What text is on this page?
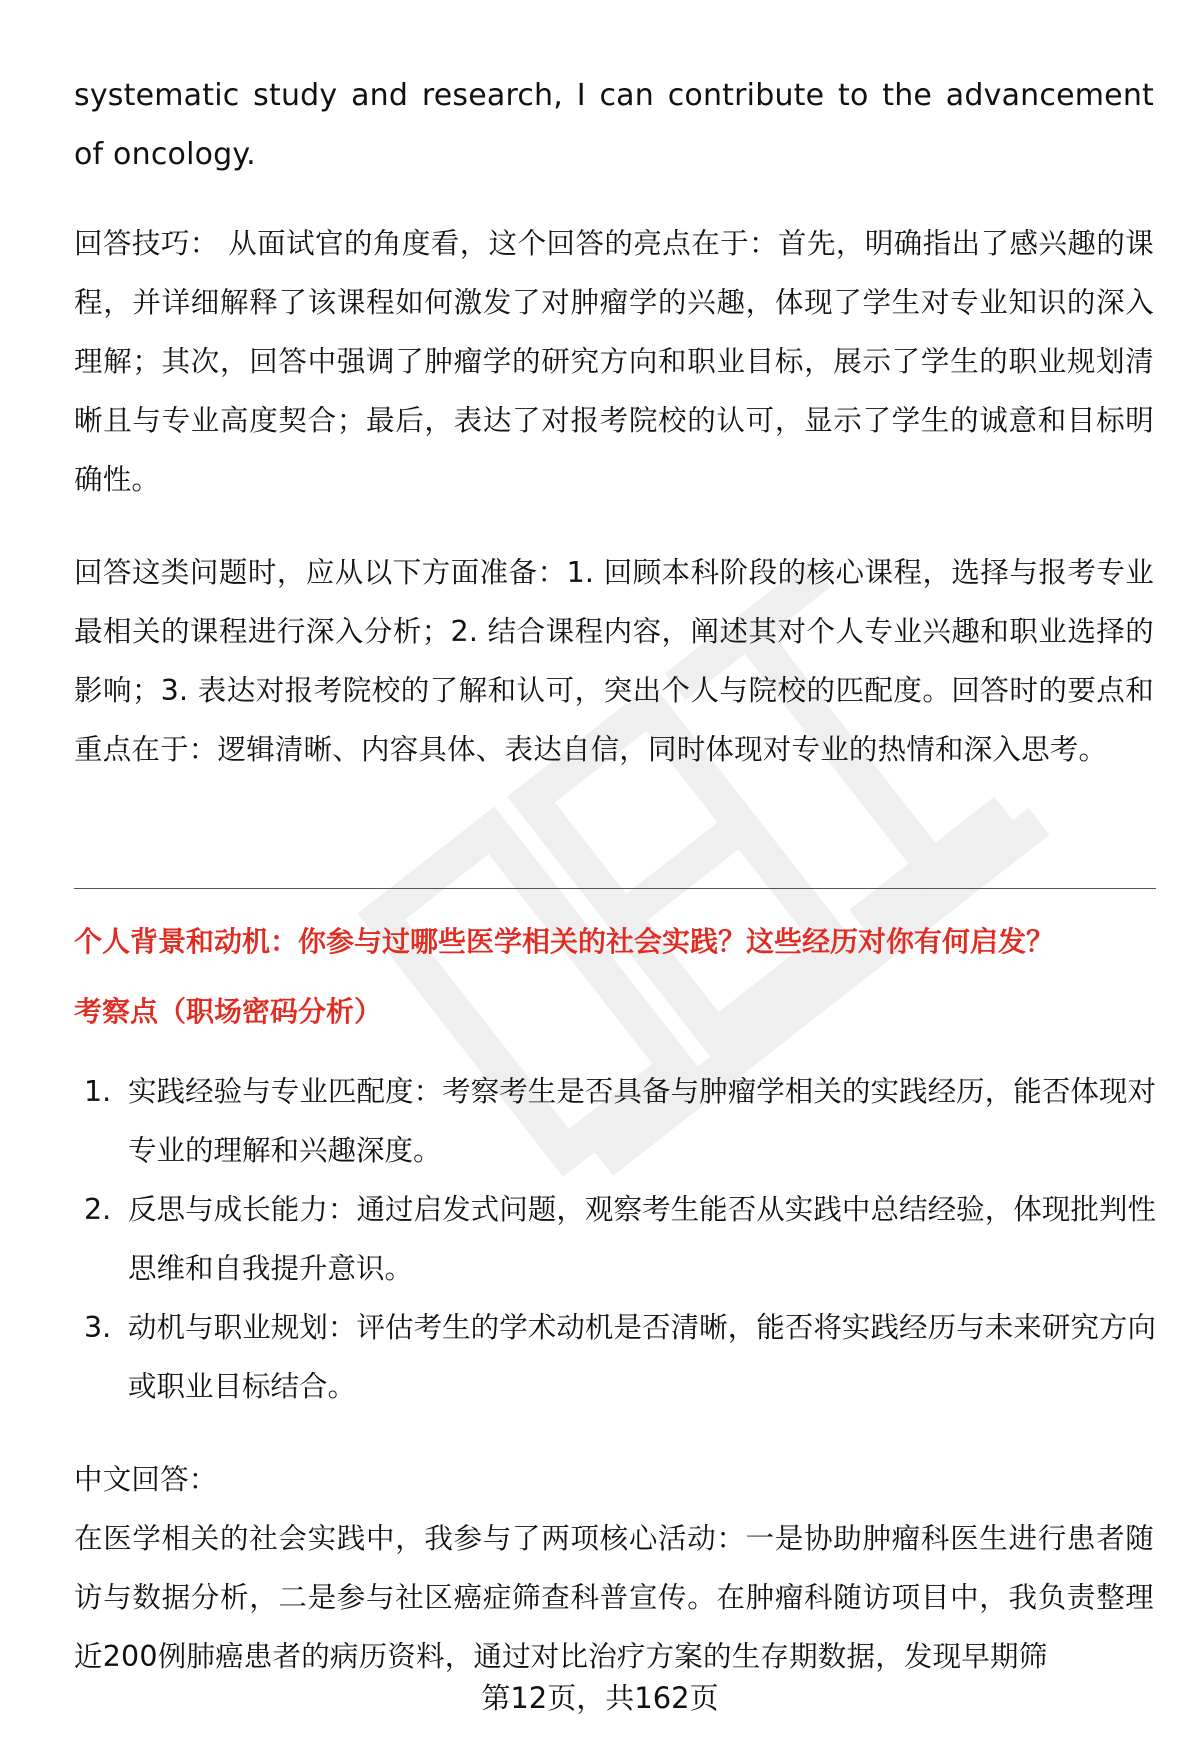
systematic study and research, I can contribute to the advancement of oncology.

回答技巧： 从面试官的角度看，这个回答的亮点在于：首先，明确指出了感兴趣的课程，并详细解释了该课程如何激发了对肿瘤学的兴趣，体现了学生对专业知识的深入理解；其次，回答中强调了肿瘤学的研究方向和职业目标，展示了学生的职业规划清晰且与专业高度契合；最后，表达了对报考院校的认可，显示了学生的诚意和目标明确性。

回答这类问题时，应从以下方面准备：1. 回顾本科阶段的核心课程，选择与报考专业最相关的课程进行深入分析；2. 结合课程内容，阐述其对个人专业兴趣和职业选择的影响；3. 表达对报考院校的了解和认可，突出个人与院校的匹配度。回答时的要点和重点在于：逻辑清晰、内容具体、表达自信，同时体现对专业的热情和深入思考。

个人背景和动机：你参与过哪些医学相关的社会实践？这些经历对你有何启发？

考察点（职场密码分析）

1. 实践经验与专业匹配度：考察考生是否具备与肿瘤学相关的实践经历，能否体现对专业的理解和兴趣深度。
2. 反思与成长能力：通过启发式问题，观察考生能否从实践中总结经验，体现批判性思维和自我提升意识。
3. 动机与职业规划：评估考生的学术动机是否清晰，能否将实践经历与未来研究方向或职业目标结合。

中文回答：

在医学相关的社会实践中，我参与了两项核心活动：一是协助肿瘤科医生进行患者随访与数据分析，二是参与社区癌症筛查科普宣传。在肿瘤科随访项目中，我负责整理近200例肺癌患者的病历资料，通过对比治疗方案的生存期数据，发现早期筛

第12页，共162页
